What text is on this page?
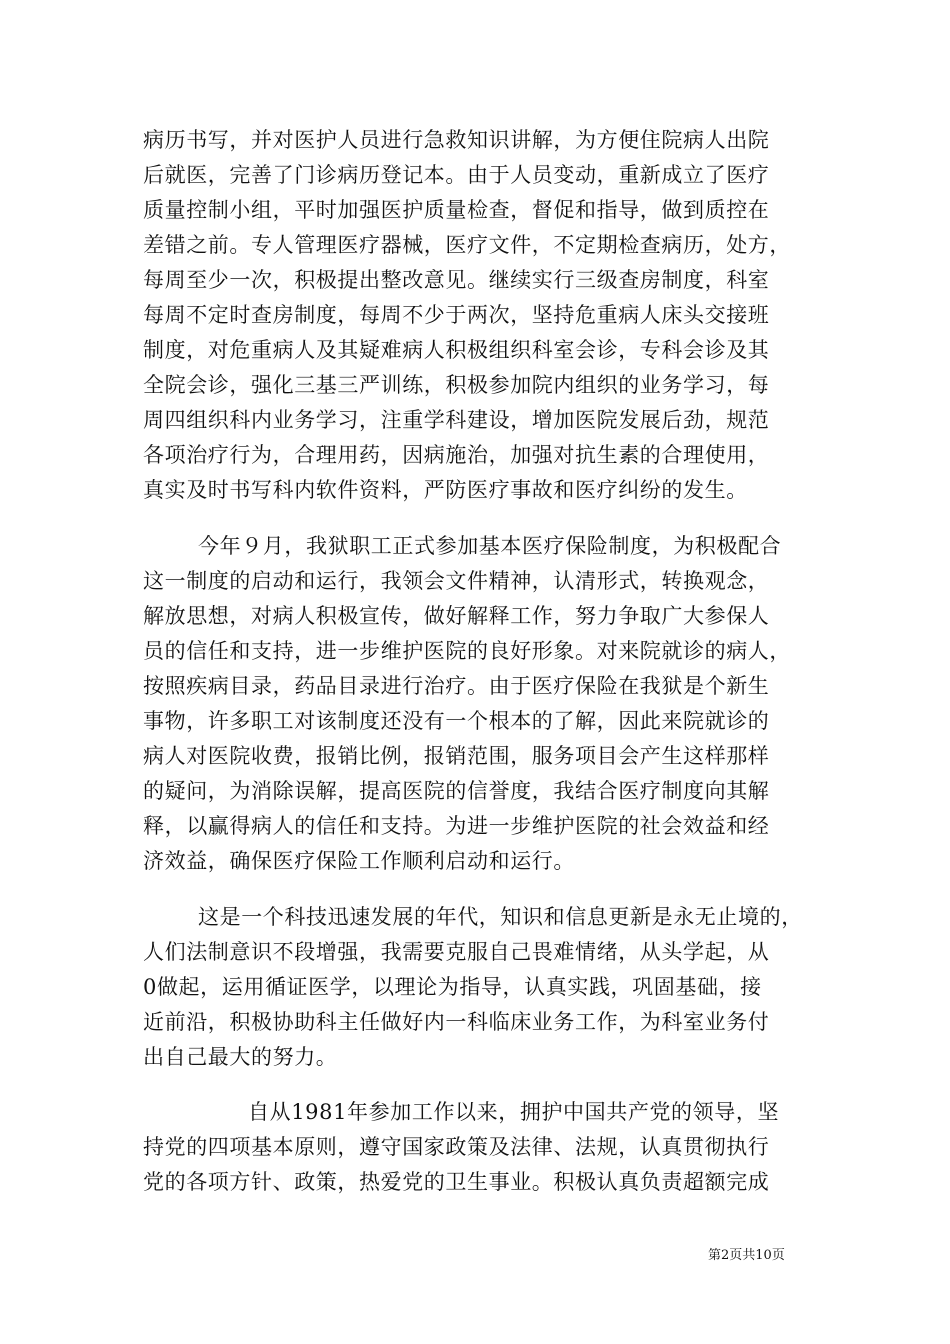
病历书写，并对医护人员进行急救知识讲解，为方便住院病人出院
后就医，完善了门诊病历登记本。由于人员变动，重新成立了医疗
质量控制小组，平时加强医护质量检查，督促和指导，做到质控在
差错之前。专人管理医疗器械，医疗文件，不定期检查病历，处方，
每周至少一次，积极提出整改意见。继续实行三级查房制度，科室
每周不定时查房制度，每周不少于两次，坚持危重病人床头交接班
制度，对危重病人及其疑难病人积极组织科室会诊，专科会诊及其
全院会诊，强化三基三严训练，积极参加院内组织的业务学习，每
周四组织科内业务学习，注重学科建设，增加医院发展后劲，规范
各项治疗行为，合理用药，因病施治，加强对抗生素的合理使用，
真实及时书写科内软件资料，严防医疗事故和医疗纠纷的发生。
今年９月，我狱职工正式参加基本医疗保险制度，为积极配合
这一制度的启动和运行，我领会文件精神，认清形式，转换观念，
解放思想，对病人积极宣传，做好解释工作，努力争取广大参保人
员的信任和支持，进一步维护医院的良好形象。对来院就诊的病人，
按照疾病目录，药品目录进行治疗。由于医疗保险在我狱是个新生
事物，许多职工对该制度还没有一个根本的了解，因此来院就诊的
病人对医院收费，报销比例，报销范围，服务项目会产生这样那样
的疑问，为消除误解，提高医院的信誉度，我结合医疗制度向其解
释，以赢得病人的信任和支持。为进一步维护医院的社会效益和经
济效益，确保医疗保险工作顺利启动和运行。
这是一个科技迅速发展的年代，知识和信息更新是永无止境的，
人们法制意识不段增强，我需要克服自己畏难情绪，从头学起，从
0做起，运用循证医学，以理论为指导，认真实践，巩固基础，接
近前沿，积极协助科主任做好内一科临床业务工作，为科室业务付
出自己最大的努力。
自从1981年参加工作以来，拥护中国共产党的领导，坚
持党的四项基本原则，遵守国家政策及法律、法规，认真贯彻执行
党的各项方针、政策，热爱党的卫生事业。积极认真负责超额完成
第2页共10页
